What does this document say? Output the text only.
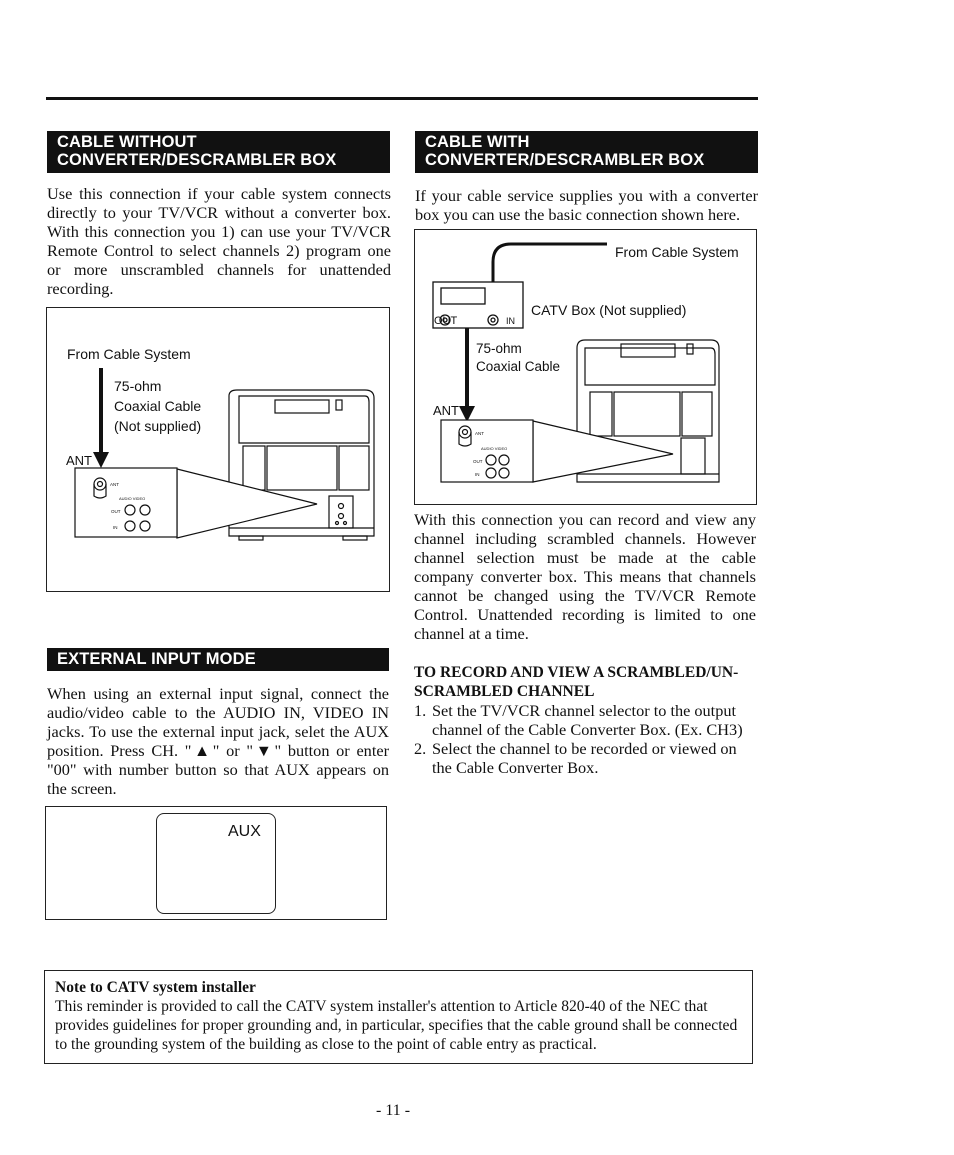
CABLE WITHOUT
CONVERTER/DESCRAMBLER BOX

Use this connection if your cable system connects directly to your TV/VCR without a converter box. With this connection you 1) can use your TV/VCR Remote Control to select channels 2) program one or more unscrambled channels for unattended recording.

ANT
AUDIO VIDEO
OUT
IN
From Cable System
75-ohm
Coaxial Cable
(Not supplied)
ANT
EXTERNAL INPUT MODE

When using an external input signal, connect the audio/video cable to the AUDIO IN, VIDEO IN jacks. To use the external input jack, selet the AUX position. Press CH. "▲" or "▼" button or enter "00" with number button so that AUX appears on the screen.

AUX
CABLE WITH
CONVERTER/DESCRAMBLER BOX

If your cable service supplies you with a converter box you can use the basic connection shown here.

OUT	IN
ANT
AUDIO VIDEO
OUT
IN
From Cable System
CATV Box (Not supplied)
75-ohm
Coaxial Cable
ANT

With this connection you can record and view any channel including scrambled channels. However channel selection must be made at the cable company converter box. This means that channels cannot be changed using the TV/VCR Remote Control. Unattended recording is limited to one channel at a time.

TO RECORD AND VIEW A SCRAMBLED/UN-
SCRAMBLED CHANNEL
1. Set the TV/VCR channel selector to the output channel of the Cable Converter Box. (Ex. CH3)
2. Select the channel to be recorded or viewed on the Cable Converter Box.
Note to CATV system installer
This reminder is provided to call the CATV system installer's attention to Article 820-40 of the NEC that provides guidelines for proper grounding and, in particular, specifies that the cable ground shall be connected to the grounding system of the building as close to the point of cable entry as practical.
- 11 -
